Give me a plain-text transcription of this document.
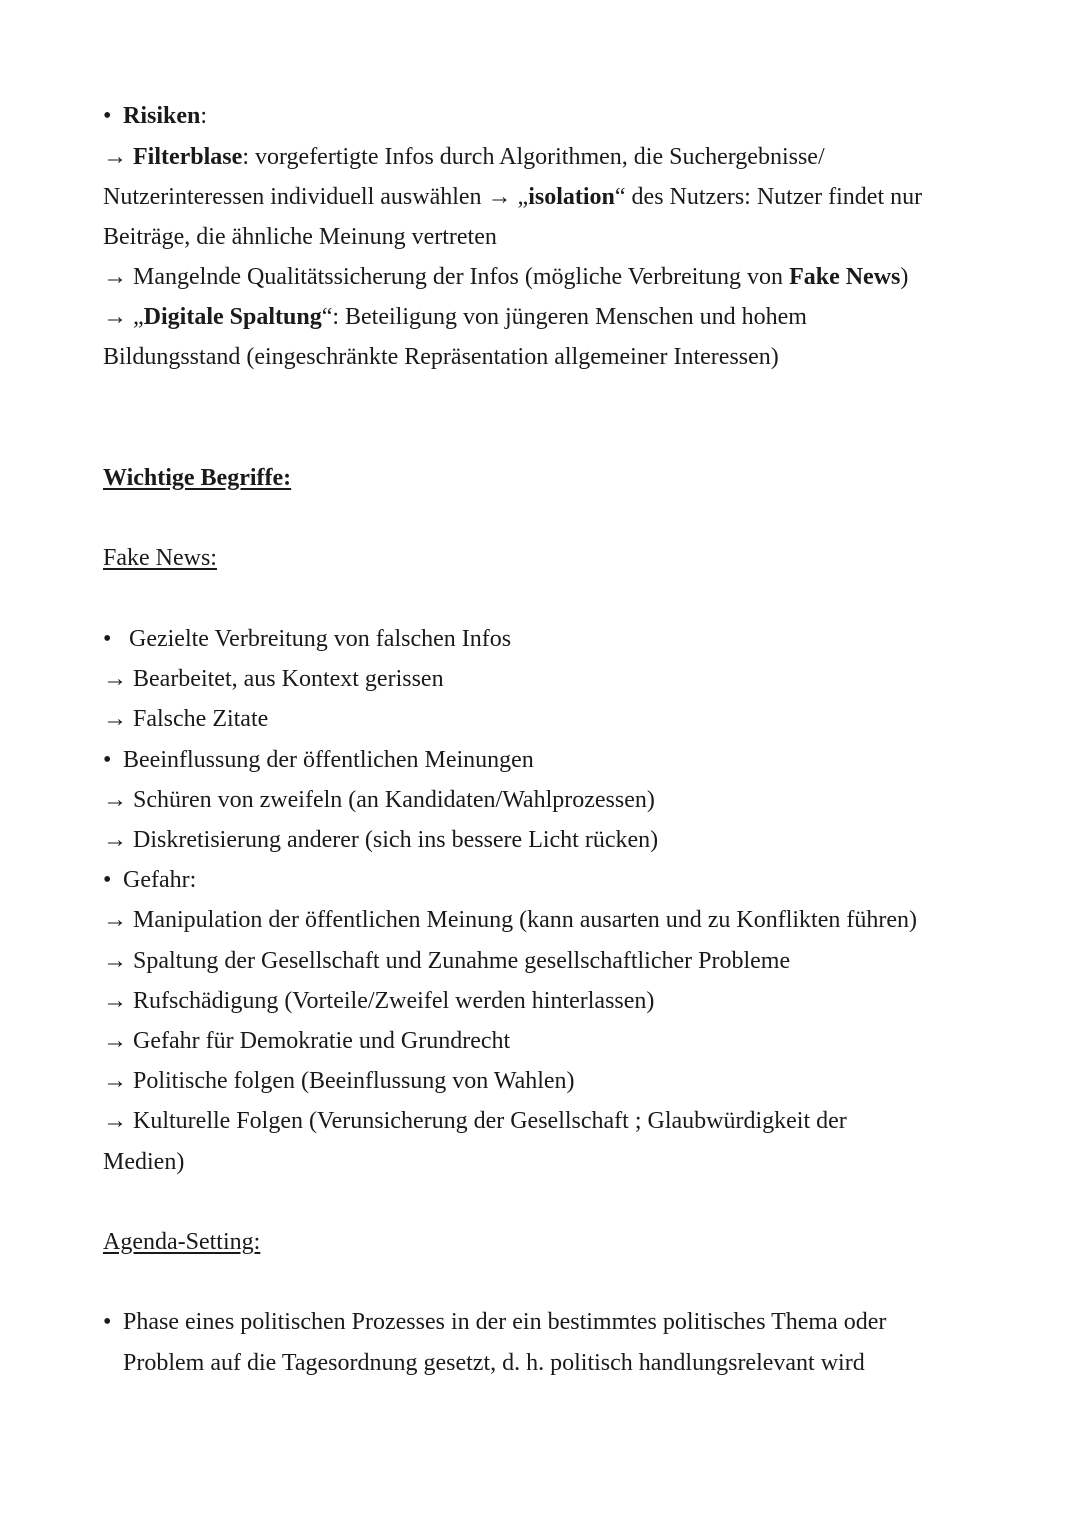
• Risiken:
→ Filterblase: vorgefertigte Infos durch Algorithmen, die Suchergebnisse/
Nutzerinteressen individuell auswählen → „isolation“ des Nutzers: Nutzer findet nur
Beiträge, die ähnliche Meinung vertreten
→ Mangelnde Qualitätssicherung der Infos (mögliche Verbreitung von Fake News)
→ „Digitale Spaltung“: Beteiligung von jüngeren Menschen und hohem
Bildungsstand (eingeschränkte Repräsentation allgemeiner Interessen)
Wichtige Begriffe:
Fake News:
• Gezielte Verbreitung von falschen Infos
→ Bearbeitet, aus Kontext gerissen
→ Falsche Zitate
• Beeinflussung der öffentlichen Meinungen
→ Schüren von zweifeln (an Kandidaten/Wahlprozessen)
→ Diskretisierung anderer (sich ins bessere Licht rücken)
• Gefahr:
→ Manipulation der öffentlichen Meinung (kann ausarten und zu Konflikten führen)
→ Spaltung der Gesellschaft und Zunahme gesellschaftlicher Probleme
→ Rufschädigung (Vorteile/Zweifel werden hinterlassen)
→ Gefahr für Demokratie und Grundrecht
→ Politische folgen (Beeinflussung von Wahlen)
→ Kulturelle Folgen (Verunsicherung der Gesellschaft ; Glaubwürdigkeit der
Medien)
Agenda-Setting:
• Phase eines politischen Prozesses in der ein bestimmtes politisches Thema oder
Problem auf die Tagesordnung gesetzt, d. h. politisch handlungsrelevant wird
